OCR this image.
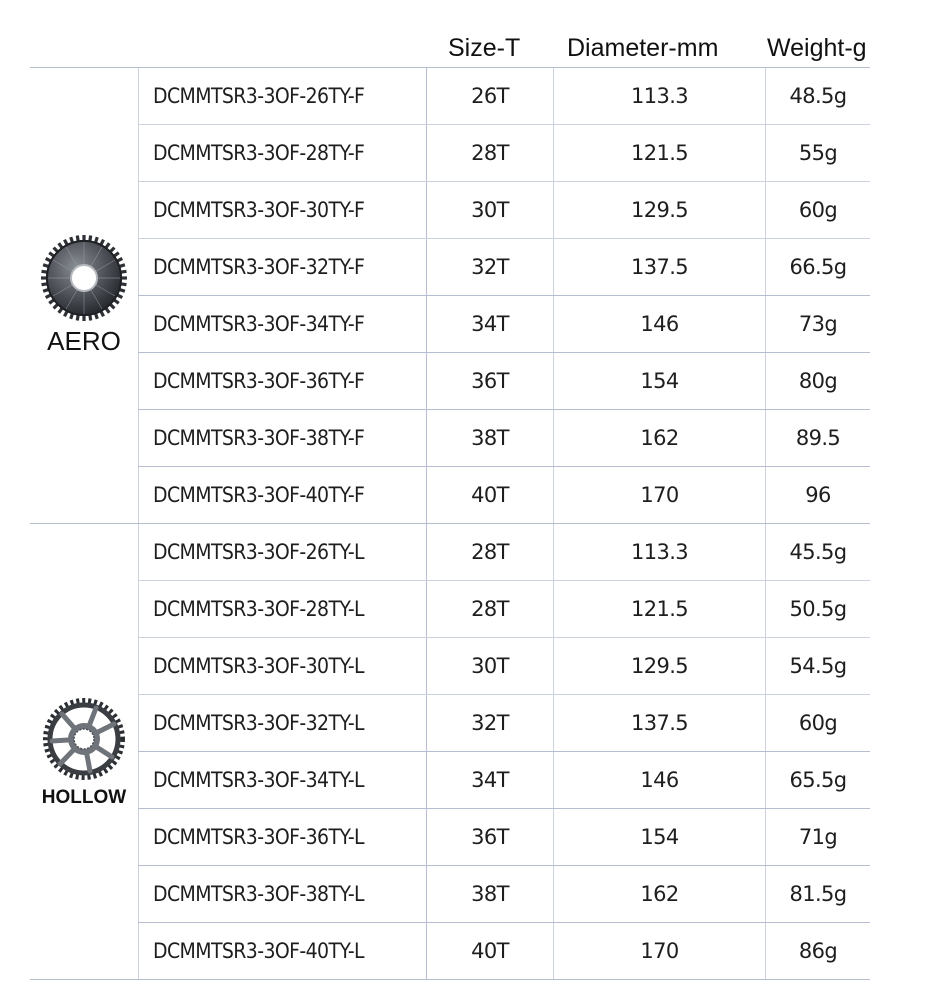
Size-T Diameter-mm Weight-g
AERO
DCMMTSR3-3OF-26TY-F	26T	113.3	48.5g
DCMMTSR3-3OF-28TY-F	28T	121.5	55g
DCMMTSR3-3OF-30TY-F	30T	129.5	60g
DCMMTSR3-3OF-32TY-F	32T	137.5	66.5g
DCMMTSR3-3OF-34TY-F	34T	146	73g
DCMMTSR3-3OF-36TY-F	36T	154	80g
DCMMTSR3-3OF-38TY-F	38T	162	89.5
DCMMTSR3-3OF-40TY-F	40T	170	96
HOLLOW
DCMMTSR3-3OF-26TY-L	28T	113.3	45.5g
DCMMTSR3-3OF-28TY-L	28T	121.5	50.5g
DCMMTSR3-3OF-30TY-L	30T	129.5	54.5g
DCMMTSR3-3OF-32TY-L	32T	137.5	60g
DCMMTSR3-3OF-34TY-L	34T	146	65.5g
DCMMTSR3-3OF-36TY-L	36T	154	71g
DCMMTSR3-3OF-38TY-L	38T	162	81.5g
DCMMTSR3-3OF-40TY-L	40T	170	86g
